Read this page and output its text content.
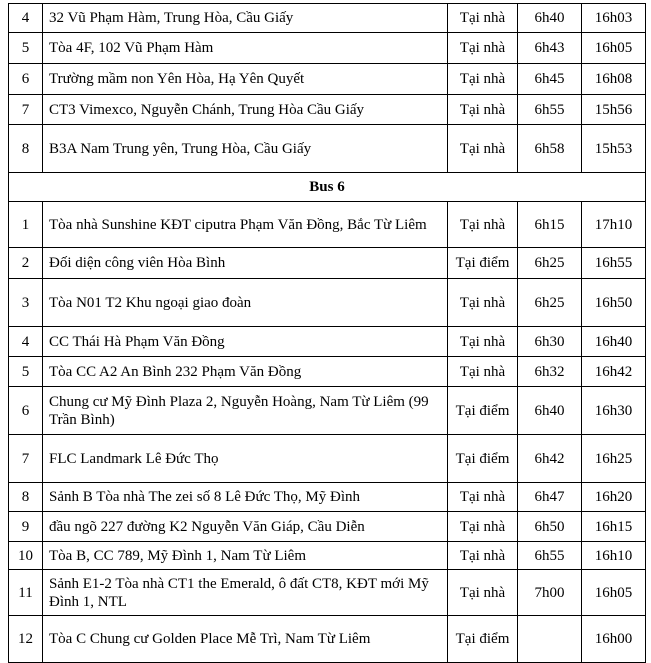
4	32 Vũ Phạm Hàm, Trung Hòa, Cầu Giấy	Tại nhà	6h40	16h03
5	Tòa 4F, 102 Vũ Phạm Hàm	Tại nhà	6h43	16h05
6	Trường mầm non Yên Hòa, Hạ Yên Quyết	Tại nhà	6h45	16h08
7	CT3 Vimexco, Nguyễn Chánh, Trung Hòa Cầu Giấy	Tại nhà	6h55	15h56
8	B3A Nam Trung yên, Trung Hòa, Cầu Giấy	Tại nhà	6h58	15h53
Bus 6				
1	Tòa nhà Sunshine KĐT ciputra Phạm Văn Đồng, Bắc Từ Liêm	Tại nhà	6h15	17h10
2	Đối diện công viên Hòa Bình	Tại điểm	6h25	16h55
3	Tòa N01 T2 Khu ngoại giao đoàn	Tại nhà	6h25	16h50
4	CC Thái Hà Phạm Văn Đồng	Tại nhà	6h30	16h40
5	Tòa CC A2 An Bình 232 Phạm Văn Đồng	Tại nhà	6h32	16h42
6	Chung cư Mỹ Đình Plaza 2, Nguyễn Hoàng, Nam Từ Liêm (99 Trần Bình)	Tại điểm	6h40	16h30
7	FLC Landmark Lê Đức Thọ	Tại điểm	6h42	16h25
8	Sảnh B Tòa nhà The zei số 8 Lê Đức Thọ, Mỹ Đình	Tại nhà	6h47	16h20
9	đầu ngõ 227 đường K2 Nguyễn Văn Giáp, Cầu Diễn	Tại nhà	6h50	16h15
10	Tòa B, CC 789, Mỹ Đình 1, Nam Từ Liêm	Tại nhà	6h55	16h10
11	Sảnh E1-2 Tòa nhà CT1 the Emerald, ô đất CT8, KĐT mới Mỹ Đình 1, NTL	Tại nhà	7h00	16h05
12	Tòa C Chung cư Golden Place Mễ Trì, Nam Từ Liêm	Tại điểm		16h00
